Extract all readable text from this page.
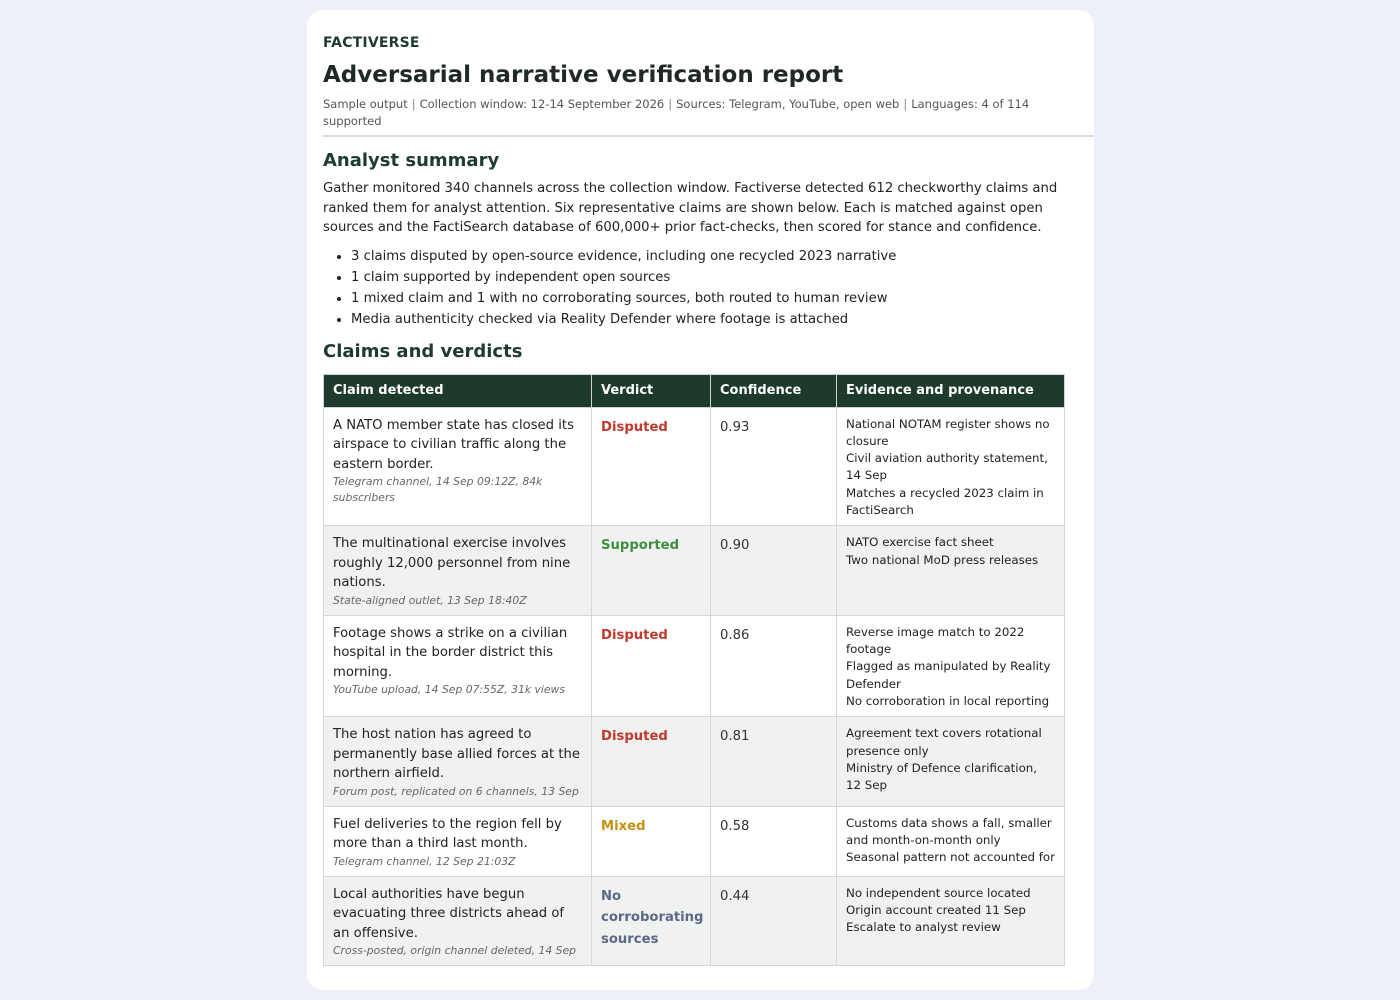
FACTIVERSE
Adversarial narrative verification report
Sample output | Collection window: 12-14 September 2026 | Sources: Telegram, YouTube, open web | Languages: 4 of 114 supported
Analyst summary

Gather monitored 340 channels across the collection window. Factiverse detected 612 checkworthy claims and ranked them for analyst attention. Six representative claims are shown below. Each is matched against open sources and the FactiSearch database of 600,000+ prior fact-checks, then scored for stance and confidence.

• 3 claims disputed by open-source evidence, including one recycled 2023 narrative
• 1 claim supported by independent open sources
• 1 mixed claim and 1 with no corroborating sources, both routed to human review
• Media authenticity checked via Reality Defender where footage is attached
Claims and verdicts
Claim detected	Verdict	Confidence	Evidence and provenance

A NATO member state has closed its airspace to civilian traffic along the eastern border.
Telegram channel, 14 Sep 09:12Z, 84k subscribers	Disputed	0.93	National NOTAM register shows no closure
Civil aviation authority statement, 14 Sep
Matches a recycled 2023 claim in FactiSearch

The multinational exercise involves roughly 12,000 personnel from nine nations.
State-aligned outlet, 13 Sep 18:40Z	Supported	0.90	NATO exercise fact sheet
Two national MoD press releases

Footage shows a strike on a civilian hospital in the border district this morning.
YouTube upload, 14 Sep 07:55Z, 31k views	Disputed	0.86	Reverse image match to 2022 footage
Flagged as manipulated by Reality Defender
No corroboration in local reporting

The host nation has agreed to permanently base allied forces at the northern airfield.
Forum post, replicated on 6 channels, 13 Sep	Disputed	0.81	Agreement text covers rotational presence only
Ministry of Defence clarification, 12 Sep

Fuel deliveries to the region fell by more than a third last month.
Telegram channel, 12 Sep 21:03Z	Mixed	0.58	Customs data shows a fall, smaller and month-on-month only
Seasonal pattern not accounted for

Local authorities have begun evacuating three districts ahead of an offensive.
Cross-posted, origin channel deleted, 14 Sep	No corroborating sources	0.44	No independent source located
Origin account created 11 Sep
Escalate to analyst review
